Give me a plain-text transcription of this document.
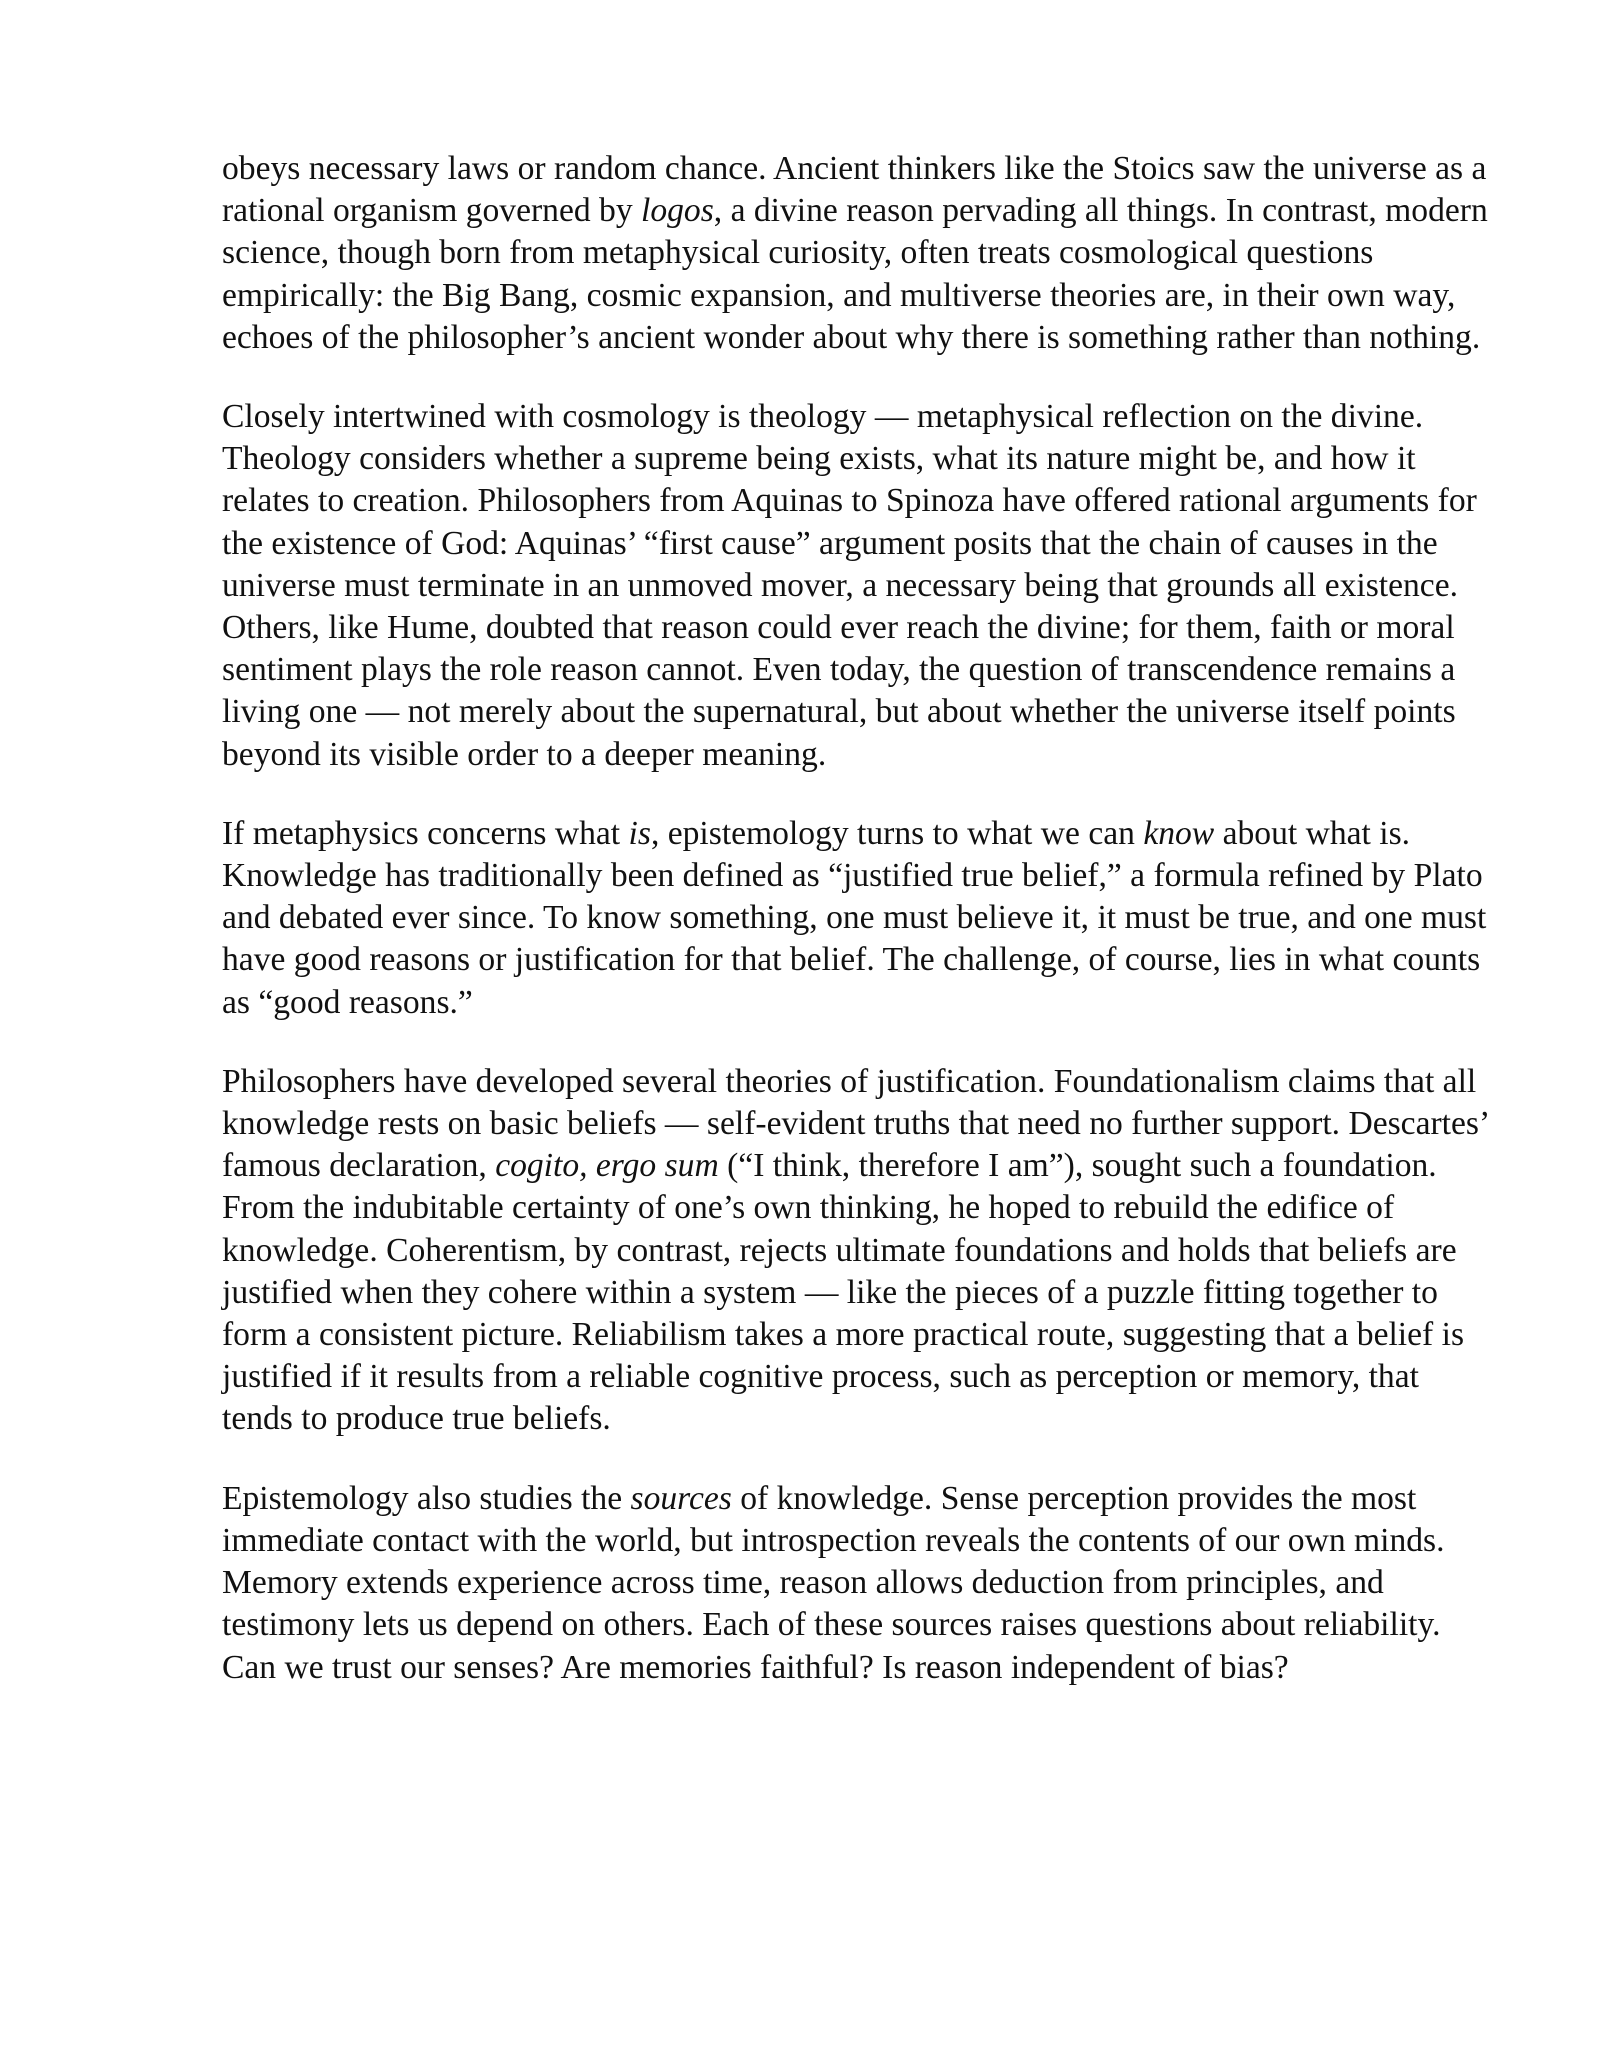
obeys necessary laws or random chance. Ancient thinkers like the Stoics saw the universe as a rational organism governed by logos, a divine reason pervading all things. In contrast, modern science, though born from metaphysical curiosity, often treats cosmological questions empirically: the Big Bang, cosmic expansion, and multiverse theories are, in their own way, echoes of the philosopher’s ancient wonder about why there is something rather than nothing.

Closely intertwined with cosmology is theology — metaphysical reflection on the divine. Theology considers whether a supreme being exists, what its nature might be, and how it relates to creation. Philosophers from Aquinas to Spinoza have offered rational arguments for the existence of God: Aquinas’ “first cause” argument posits that the chain of causes in the universe must terminate in an unmoved mover, a necessary being that grounds all existence. Others, like Hume, doubted that reason could ever reach the divine; for them, faith or moral sentiment plays the role reason cannot. Even today, the question of transcendence remains a living one — not merely about the supernatural, but about whether the universe itself points beyond its visible order to a deeper meaning.

If metaphysics concerns what is, epistemology turns to what we can know about what is. Knowledge has traditionally been defined as “justified true belief,” a formula refined by Plato and debated ever since. To know something, one must believe it, it must be true, and one must have good reasons or justification for that belief. The challenge, of course, lies in what counts as “good reasons.”

Philosophers have developed several theories of justification. Foundationalism claims that all knowledge rests on basic beliefs — self-evident truths that need no further support. Descartes’ famous declaration, cogito, ergo sum (“I think, therefore I am”), sought such a foundation. From the indubitable certainty of one’s own thinking, he hoped to rebuild the edifice of knowledge. Coherentism, by contrast, rejects ultimate foundations and holds that beliefs are justified when they cohere within a system — like the pieces of a puzzle fitting together to form a consistent picture. Reliabilism takes a more practical route, suggesting that a belief is justified if it results from a reliable cognitive process, such as perception or memory, that tends to produce true beliefs.

Epistemology also studies the sources of knowledge. Sense perception provides the most immediate contact with the world, but introspection reveals the contents of our own minds. Memory extends experience across time, reason allows deduction from principles, and testimony lets us depend on others. Each of these sources raises questions about reliability. Can we trust our senses? Are memories faithful? Is reason independent of bias?
